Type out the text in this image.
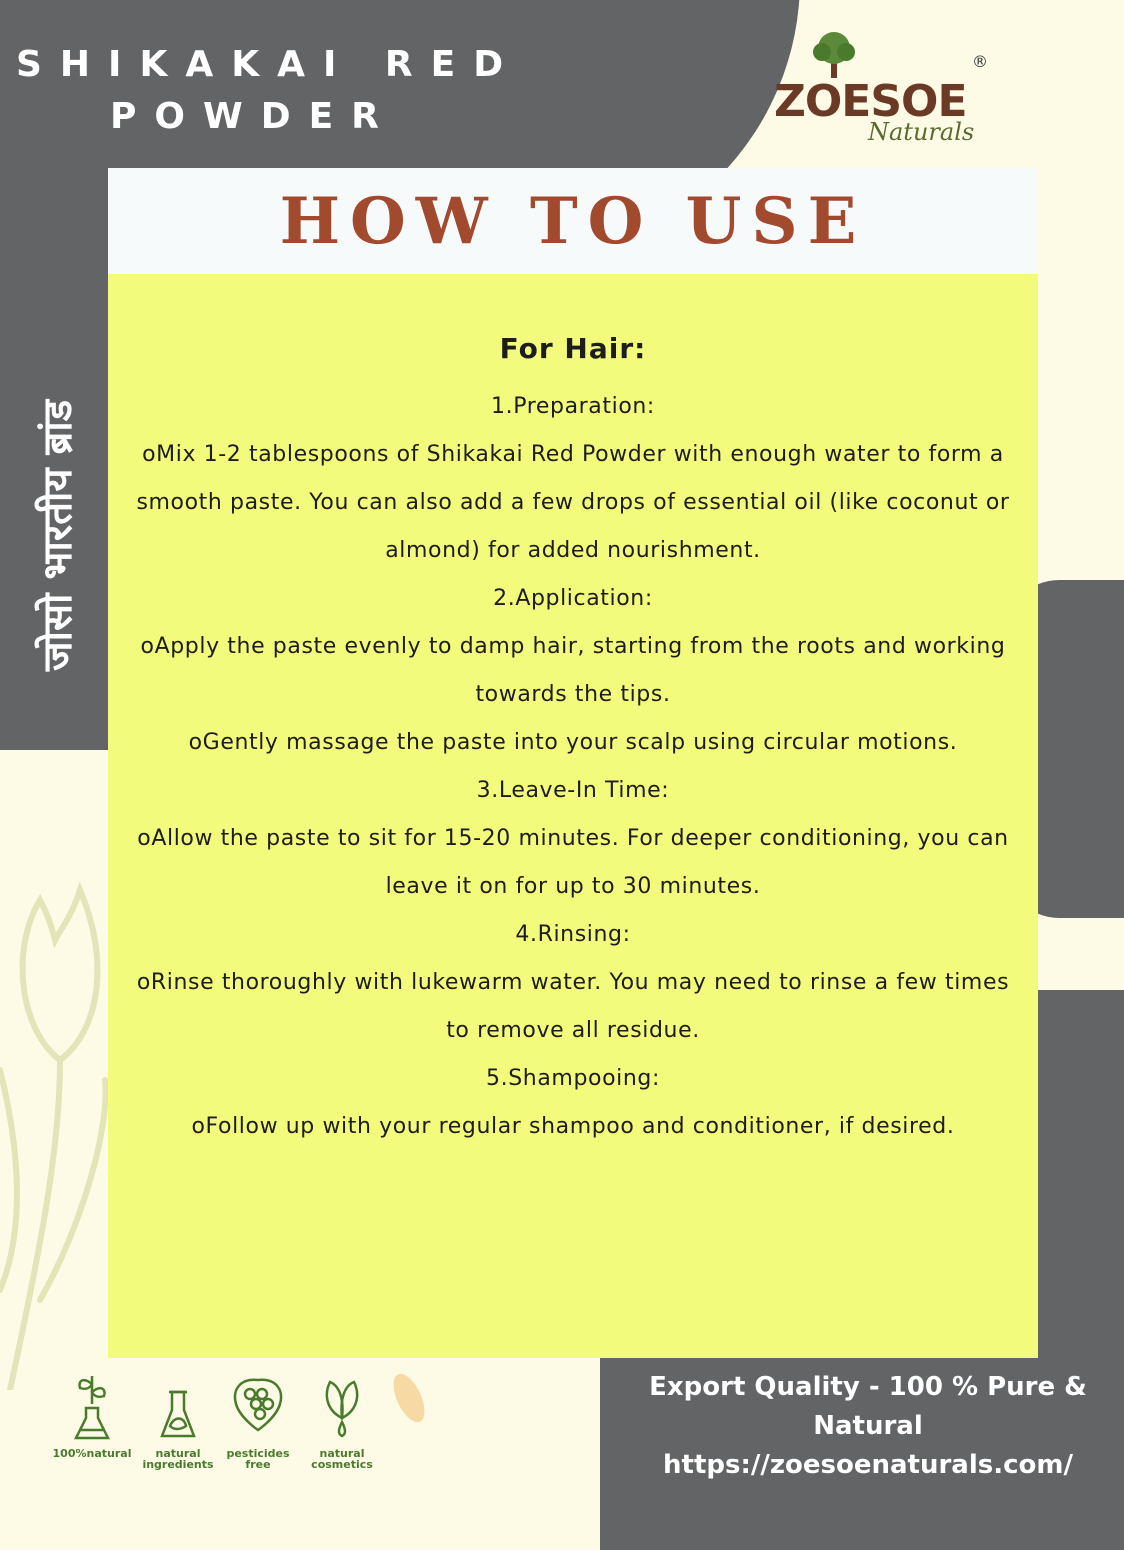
SHIKAKAI RED
POWDER
जोसो भारतीय ब्रांड
ZOESOE
®
Naturals
HOW TO USE
For Hair:

1.Preparation:

oMix 1-2 tablespoons of Shikakai Red Powder with enough water to form a smooth paste. You can also add a few drops of essential oil (like coconut or almond) for added nourishment.

2.Application:

oApply the paste evenly to damp hair, starting from the roots and working towards the tips.

oGently massage the paste into your scalp using circular motions.

3.Leave-In Time:

oAllow the paste to sit for 15-20 minutes. For deeper conditioning, you can leave it on for up to 30 minutes.

4.Rinsing:

oRinse thoroughly with lukewarm water. You may need to rinse a few times to remove all residue.

5.Shampooing:

oFollow up with your regular shampoo and conditioner, if desired.

100%natural	natural
ingredients
pesticides
free
natural
cosmetics
Export Quality - 100 % Pure &
Natural
https://zoesoenaturals.com/
